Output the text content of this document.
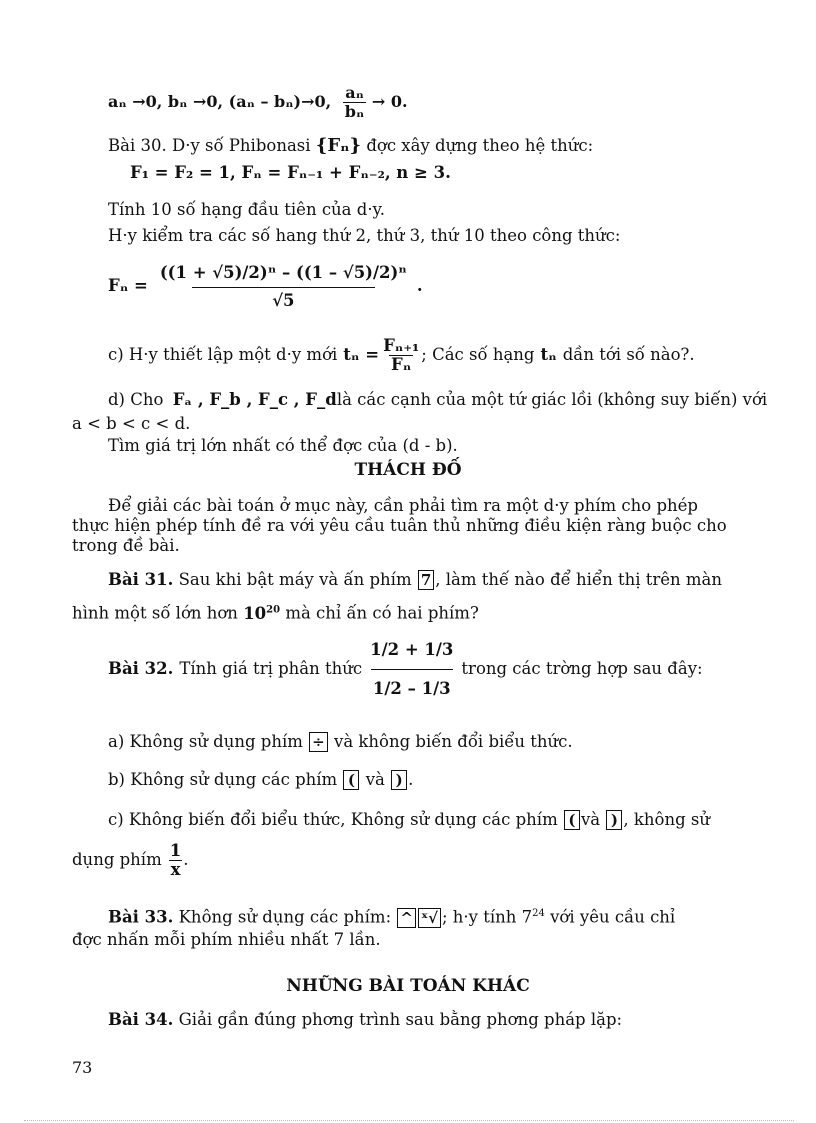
aₙ →0, bₙ →0, (aₙ – bₙ)→0, $\frac{\text{aₙ}}{\text{bₙ}} \to 0$.
Bài 30. D·y số Phibonasi {Fₙ} đợc xây dựng theo hệ thức:
F₁ = F₂ = 1, Fₙ = Fₙ₋₁ + Fₙ₋₂, n ≥ 3.
Tính 10 số hạng đầu tiên của d·y.
H·y kiểm tra các số hang thứ 2, thứ 3, thứ 10 theo công thức:
$F_n = \frac{\text{((1 + √5)/2)ⁿ – ((1 – √5)/2)ⁿ}}{√5}$ .
c) H·y thiết lập một d·y mới $t_n = \frac{\text{Fₙ₊₁}}{\text{Fₙ}}$ ; Các số hạng tₙ dần tới số nào?.
d) Cho Fₐ , F_b , F_c , F_d là các cạnh của một tứ giác lồi (không suy biến) với
a < b < c < d.
Tìm giá trị lớn nhất có thể đợc của (d - b).
THÁCH ĐỐ
Để giải các bài toán ở mục này, cần phải tìm ra một d·y phím cho phép
thực hiện phép tính đề ra với yêu cầu tuân thủ những điều kiện ràng buộc cho
trong đề bài.
Bài 31. Sau khi bật máy và ấn phím 7 , làm thế nào để hiển thị trên màn
hình một số lớn hơn $10^{20}$ mà chỉ ấn có hai phím?
Bài 32. Tính giá trị phân thức $\frac{1/2 + 1/3}{1/2 - 1/3}$ trong các trờng hợp sau đây:
a) Không sử dụng phím ÷ và không biến đổi biểu thức.
b) Không sử dụng các phím ( và ) .
c) Không biến đổi biểu thức, Không sử dụng các phím ( và ) , không sử
dụng phím $\frac{1}{x}$ .
Bài 33. Không sử dụng các phím: ^ ˣ√ ; h·y tính $7^{24}$ với yêu cầu chỉ
đợc nhấn mỗi phím nhiều nhất 7 lần.
NHỮNG BÀI TOÁN KHÁC
Bài 34. Giải gần đúng phơng trình sau bằng phơng pháp lặp:
73
